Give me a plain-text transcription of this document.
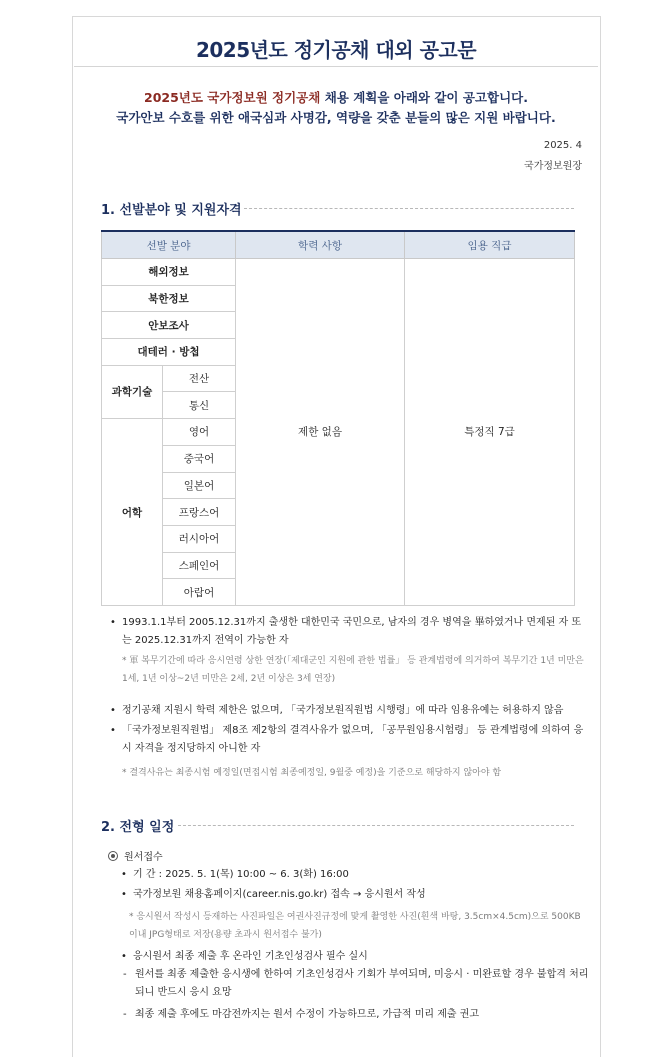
2025년도 정기공채 대외 공고문
2025년도 국가정보원 정기공채 채용 계획을 아래와 같이 공고합니다.
국가안보 수호를 위한 애국심과 사명감, 역량을 갖춘 분들의 많은 지원 바랍니다.
2025. 4
국가정보원장
1. 선발분야 및 지원자격
선발 분야		학력 사항	임용 직급
해외정보		제한 없음	특정직 7급
북한정보			
안보조사			
대테러 · 방첩			
과학기술	전산		
	통신		
어학	영어		
	중국어		
	일본어		
	프랑스어		
	러시아어		
	스페인어		
	아랍어		
• 1993.1.1부터 2005.12.31까지 출생한 대한민국 국민으로, 남자의 경우 병역을 畢하였거나 면제된 자 또는 2025.12.31까지 전역이 가능한 자
* 軍 복무기간에 따라 응시연령 상한 연장(「제대군인 지원에 관한 법률」 등 관계법령에 의거하여 복무기간 1년 미만은 1세, 1년 이상~2년 미만은 2세, 2년 이상은 3세 연장)
• 정기공채 지원시 학력 제한은 없으며, 「국가정보원직원법 시행령」에 따라 임용유예는 허용하지 않음
• 「국가정보원직원법」 제8조 제2항의 결격사유가 없으며, 「공무원임용시험령」 등 관계법령에 의하여 응시 자격을 정지당하지 아니한 자
* 결격사유는 최종시험 예정일(면접시험 최종예정일, 9월중 예정)을 기준으로 해당하지 않아야 함
2. 전형 일정
원서접수
• 기 간 : 2025. 5. 1(목) 10:00 ~ 6. 3(화) 16:00
• 국가정보원 채용홈페이지(career.nis.go.kr) 접속 → 응시원서 작성
* 응시원서 작성시 등재하는 사진파일은 여권사진규정에 맞게 촬영한 사진(흰색 바탕, 3.5cm×4.5cm)으로 500KB 이내 JPG형태로 저장(용량 초과시 원서접수 불가)
• 응시원서 최종 제출 후 온라인 기초인성검사 필수 실시
- 원서를 최종 제출한 응시생에 한하여 기초인성검사 기회가 부여되며, 미응시 · 미완료할 경우 불합격 처리되니 반드시 응시 요망
- 최종 제출 후에도 마감전까지는 원서 수정이 가능하므로, 가급적 미리 제출 권고
